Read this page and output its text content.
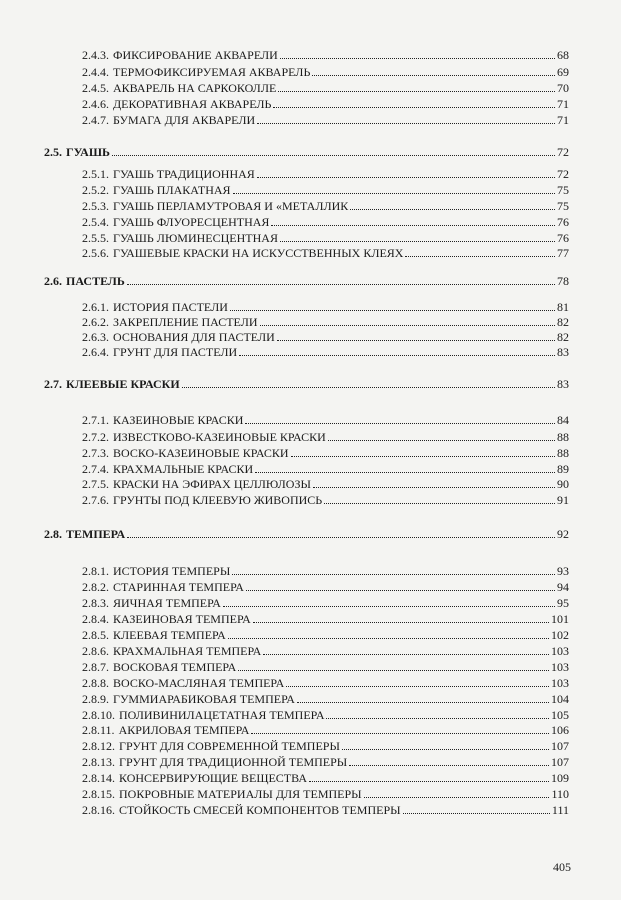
2.4.3. ФИКСИРОВАНИЕ АКВАРЕЛИ	68
2.4.4. ТЕРМОФИКСИРУЕМАЯ АКВАРЕЛЬ	69
2.4.5. АКВАРЕЛЬ НА САРКОКОЛЛЕ	70
2.4.6. ДЕКОРАТИВНАЯ АКВАРЕЛЬ	71
2.4.7. БУМАГА ДЛЯ АКВАРЕЛИ	71
2.5. ГУАШЬ	72
2.5.1. ГУАШЬ ТРАДИЦИОННАЯ	72
2.5.2. ГУАШЬ ПЛАКАТНАЯ	75
2.5.3. ГУАШЬ ПЕРЛАМУТРОВАЯ И «МЕТАЛЛИК	75
2.5.4. ГУАШЬ ФЛУОРЕСЦЕНТНАЯ	76
2.5.5. ГУАШЬ ЛЮМИНЕСЦЕНТНАЯ	76
2.5.6. ГУАШЕВЫЕ КРАСКИ НА ИСКУССТВЕННЫХ КЛЕЯХ	77
2.6. ПАСТЕЛЬ	78
2.6.1. ИСТОРИЯ ПАСТЕЛИ	81
2.6.2. ЗАКРЕПЛЕНИЕ ПАСТЕЛИ	82
2.6.3. ОСНОВАНИЯ ДЛЯ ПАСТЕЛИ	82
2.6.4. ГРУНТ ДЛЯ ПАСТЕЛИ	83
2.7. КЛЕЕВЫЕ КРАСКИ	83
2.7.1. КАЗЕИНОВЫЕ КРАСКИ	84
2.7.2. ИЗВЕСТКОВО-КАЗЕИНОВЫЕ КРАСКИ	88
2.7.3. ВОСКО-КАЗЕИНОВЫЕ КРАСКИ	88
2.7.4. КРАХМАЛЬНЫЕ КРАСКИ	89
2.7.5. КРАСКИ НА ЭФИРАХ ЦЕЛЛЮЛОЗЫ	90
2.7.6. ГРУНТЫ ПОД КЛЕЕВУЮ ЖИВОПИСЬ	91
2.8. ТЕМПЕРА	92
2.8.1. ИСТОРИЯ ТЕМПЕРЫ	93
2.8.2. СТАРИННАЯ ТЕМПЕРА	94
2.8.3. ЯИЧНАЯ ТЕМПЕРА	95
2.8.4. КАЗЕИНОВАЯ ТЕМПЕРА	101
2.8.5. КЛЕЕВАЯ ТЕМПЕРА	102
2.8.6. КРАХМАЛЬНАЯ ТЕМПЕРА	103
2.8.7. ВОСКОВАЯ ТЕМПЕРА	103
2.8.8. ВОСКО-МАСЛЯНАЯ ТЕМПЕРА	103
2.8.9. ГУММИАРАБИКОВАЯ ТЕМПЕРА	104
2.8.10. ПОЛИВИНИЛАЦЕТАТНАЯ ТЕМПЕРА	105
2.8.11. АКРИЛОВАЯ ТЕМПЕРА	106
2.8.12. ГРУНТ ДЛЯ СОВРЕМЕННОЙ ТЕМПЕРЫ	107
2.8.13. ГРУНТ ДЛЯ ТРАДИЦИОННОЙ ТЕМПЕРЫ	107
2.8.14. КОНСЕРВИРУЮЩИЕ ВЕЩЕСТВА	109
2.8.15. ПОКРОВНЫЕ МАТЕРИАЛЫ ДЛЯ ТЕМПЕРЫ	110
2.8.16. СТОЙКОСТЬ СМЕСЕЙ КОМПОНЕНТОВ ТЕМПЕРЫ	111
405
